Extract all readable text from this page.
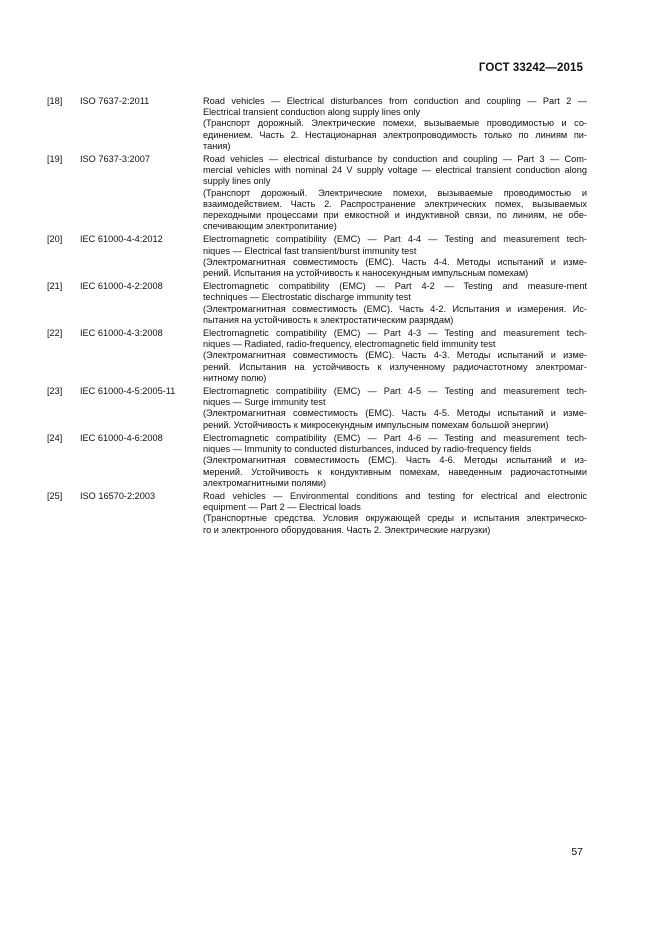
ГОСТ 33242—2015
[18] ISO 7637-2:2011	Road vehicles — Electrical disturbances from conduction and coupling — Part 2 —
Electrical transient conduction along supply lines only
(Транспорт дорожный. Электрические помехи, вызываемые проводимостью и со-
единением. Часть 2. Нестационарная электропроводимость только по линиям пи-
тания)
[19] ISO 7637-3:2007	Road vehicles — electrical disturbance by conduction and coupling — Part 3 — Com-
mercial vehicles with nominal 24 V supply voltage — electrical transient conduction along
supply lines only
(Транспорт дорожный. Электрические помехи, вызываемые проводимостью и
взаимодействием. Часть 2. Распространение электрических помех, вызываемых
переходными процессами при емкостной и индуктивной связи, по линиям, не обе-
спечивающим электропитание)
[20] IEC 61000-4-4:2012	Electromagnetic compatibility (EMC) — Part 4-4 — Testing and measurement tech-
niques — Electrical fast transient/burst immunity test
(Электромагнитная совместимость (ЕМС). Часть 4-4. Методы испытаний и изме-
рений. Испытания на устойчивость к наносекундным импульсным помехам)
[21] IEC 61000-4-2:2008	Electromagnetic compatibility (EMC) — Part 4-2 — Testing and measure-ment
techniques — Electrostatic discharge immunity test
(Электромагнитная совместимость (ЕМС). Часть 4-2. Испытания и измерения. Ис-
пытания на устойчивость к электростатическим разрядам)
[22] IEC 61000-4-3:2008	Electromagnetic compatibility (EMC) — Part 4-3 — Testing and measurement tech-
niques — Radiated, radio-frequency, electromagnetic field immunity test
(Электромагнитная совместимость (ЕМС). Часть 4-3. Методы испытаний и изме-
рений. Испытания на устойчивость к излученному радиочастотному электромаг-
нитному полю)
[23] IEC 61000-4-5:2005-11	Electromagnetic compatibility (EMC) — Part 4-5 — Testing and measurement tech-
niques — Surge immunity test
(Электромагнитная совместимость (ЕМС). Часть 4-5. Методы испытаний и изме-
рений. Устойчивость к микросекундным импульсным помехам большой энергии)
[24] IEC 61000-4-6:2008	Electromagnetic compatibility (EMC) — Part 4-6 — Testing and measurement tech-
niques — Immunity to conducted disturbances, induced by radio-frequency fields
(Электромагнитная совместимость (ЕМС). Часть 4-6. Методы испытаний и из-
мерений. Устойчивость к кондуктивным помехам, наведенным радиочастотными
электромагнитными полями)
[25] ISO 16570-2:2003	Road vehicles — Environmental conditions and testing for electrical and electronic
equipment — Part 2 — Electrical loads
(Транспортные средства. Условия окружающей среды и испытания электрическо-
го и электронного оборудования. Часть 2. Электрические нагрузки)
57
